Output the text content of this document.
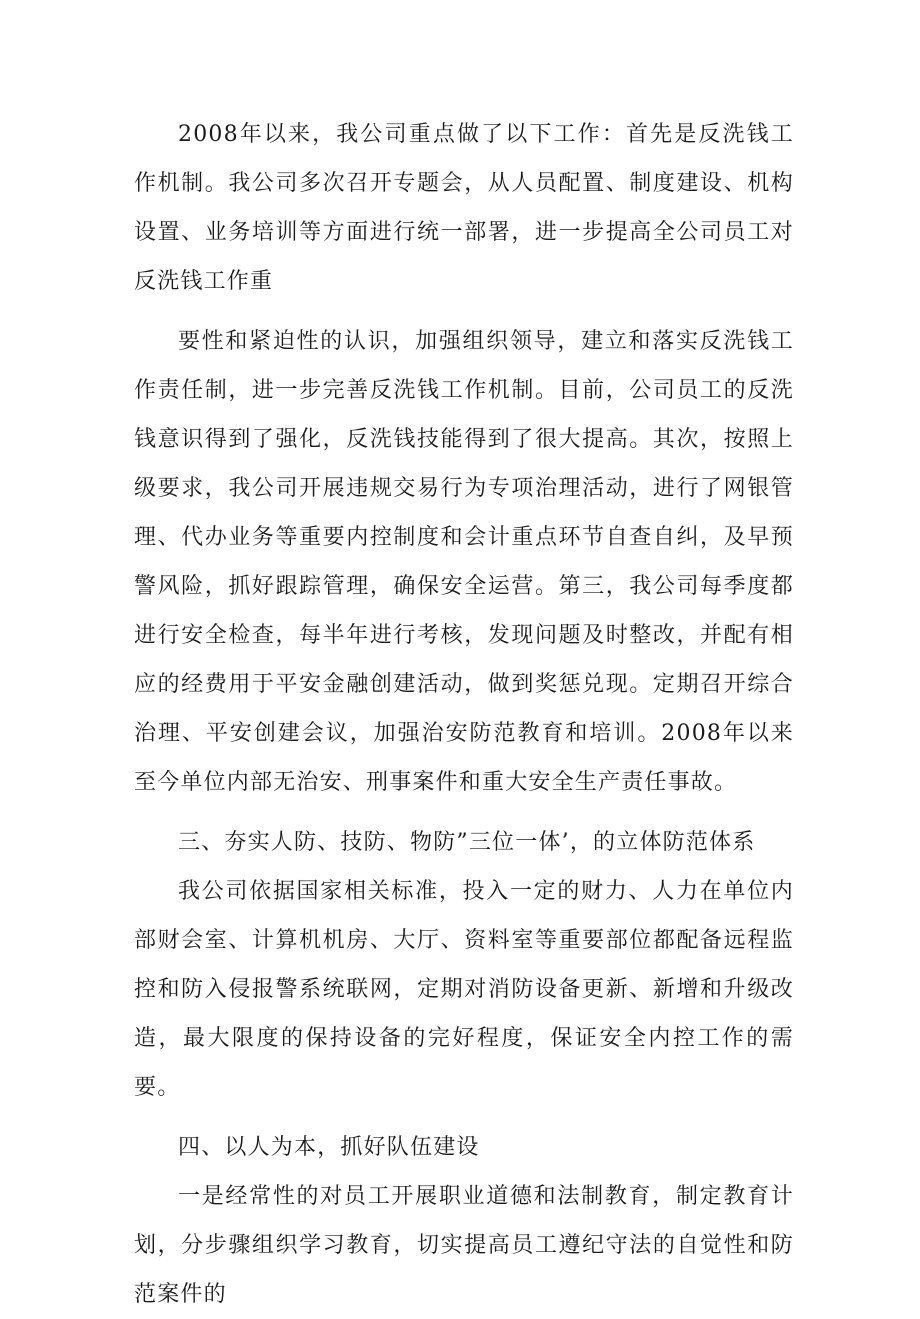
2008年以来，我公司重点做了以下工作：首先是反洗钱工作机制。我公司多次召开专题会，从人员配置、制度建设、机构设置、业务培训等方面进行统一部署，进一步提高全公司员工对反洗钱工作重

要性和紧迫性的认识，加强组织领导，建立和落实反洗钱工作责任制，进一步完善反洗钱工作机制。目前，公司员工的反洗钱意识得到了强化，反洗钱技能得到了很大提高。其次，按照上级要求，我公司开展违规交易行为专项治理活动，进行了网银管理、代办业务等重要内控制度和会计重点环节自查自纠，及早预警风险，抓好跟踪管理，确保安全运营。第三，我公司每季度都进行安全检查，每半年进行考核，发现问题及时整改，并配有相应的经费用于平安金融创建活动，做到奖惩兑现。定期召开综合治理、平安创建会议，加强治安防范教育和培训。2008年以来至今单位内部无治安、刑事案件和重大安全生产责任事故。

三、夯实人防、技防、物防”三位一体’，的立体防范体系

我公司依据国家相关标准，投入一定的财力、人力在单位内部财会室、计算机机房、大厅、资料室等重要部位都配备远程监控和防入侵报警系统联网，定期对消防设备更新、新增和升级改造，最大限度的保持设备的完好程度，保证安全内控工作的需要。

四、以人为本，抓好队伍建设

一是经常性的对员工开展职业道德和法制教育，制定教育计划，分步骤组织学习教育，切实提高员工遵纪守法的自觉性和防范案件的
